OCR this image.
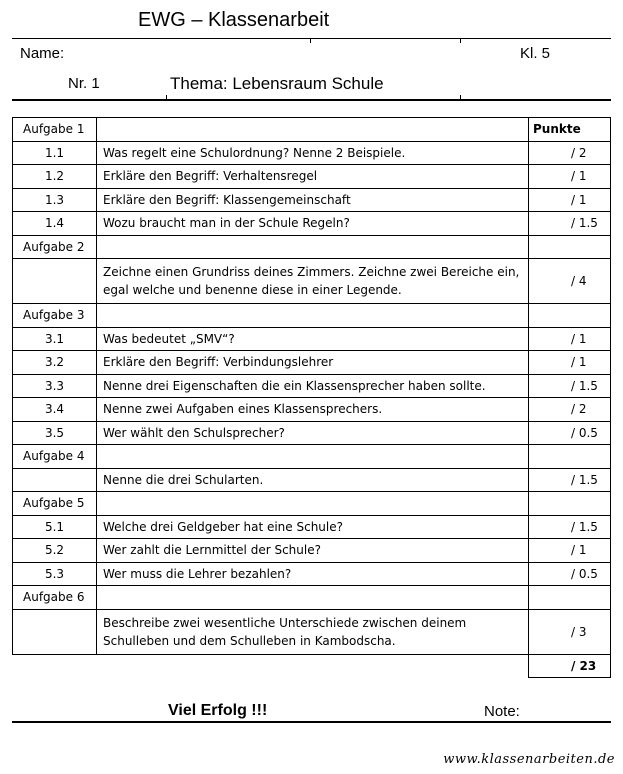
EWG – Klassenarbeit
Name:	Kl. 5
Nr. 1	Thema: Lebensraum Schule
Aufgabe 1		Punkte
1.1	Was regelt eine Schulordnung? Nenne 2 Beispiele.	/ 2
1.2	Erkläre den Begriff: Verhaltensregel	/ 1
1.3	Erkläre den Begriff: Klassengemeinschaft	/ 1
1.4	Wozu braucht man in der Schule Regeln?	/ 1.5
Aufgabe 2		
	Zeichne einen Grundriss deines Zimmers. Zeichne zwei Bereiche ein, egal welche und benenne diese in einer Legende.	/ 4
Aufgabe 3		
3.1	Was bedeutet „SMV“?	/ 1
3.2	Erkläre den Begriff: Verbindungslehrer	/ 1
3.3	Nenne drei Eigenschaften die ein Klassensprecher haben sollte.	/ 1.5
3.4	Nenne zwei Aufgaben eines Klassensprechers.	/ 2
3.5	Wer wählt den Schulsprecher?	/ 0.5
Aufgabe 4		
	Nenne die drei Schularten.	/ 1.5
Aufgabe 5		
5.1	Welche drei Geldgeber hat eine Schule?	/ 1.5
5.2	Wer zahlt die Lernmittel der Schule?	/ 1
5.3	Wer muss die Lehrer bezahlen?	/ 0.5
Aufgabe 6		
	Beschreibe zwei wesentliche Unterschiede zwischen deinem Schulleben und dem Schulleben in Kambodscha.	/ 3
		/ 23
Viel Erfolg !!!	Note:
www.klassenarbeiten.de
